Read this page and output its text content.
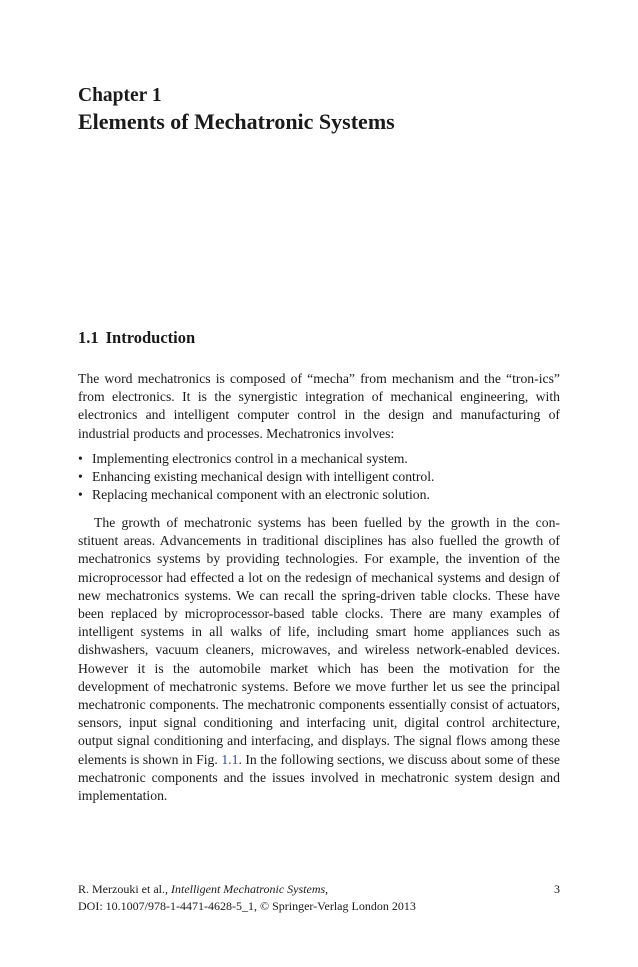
Chapter 1
Elements of Mechatronic Systems
1.1 Introduction
The word mechatronics is composed of “mecha” from mechanism and the “tron-ics” from electronics. It is the synergistic integration of mechanical engineering, with electronics and intelligent computer control in the design and manufacturing of industrial products and processes. Mechatronics involves:
• Implementing electronics control in a mechanical system.
• Enhancing existing mechanical design with intelligent control.
• Replacing mechanical component with an electronic solution.
The growth of mechatronic systems has been fuelled by the growth in the con-stituent areas. Advancements in traditional disciplines has also fuelled the growth of mechatronics systems by providing technologies. For example, the invention of the microprocessor had effected a lot on the redesign of mechanical systems and design of new mechatronics systems. We can recall the spring-driven table clocks. These have been replaced by microprocessor-based table clocks. There are many examples of intelligent systems in all walks of life, including smart home appliances such as dishwashers, vacuum cleaners, microwaves, and wireless network-enabled devices. However it is the automobile market which has been the motivation for the development of mechatronic systems. Before we move further let us see the principal mechatronic components. The mechatronic components essentially consist of actuators, sensors, input signal conditioning and interfacing unit, digital control architecture, output signal conditioning and interfacing, and displays. The signal flows among these elements is shown in Fig. 1.1. In the following sections, we discuss about some of these mechatronic components and the issues involved in mechatronic system design and implementation.
R. Merzouki et al., Intelligent Mechatronic Systems,
DOI: 10.1007/978-1-4471-4628-5_1, © Springer-Verlag London 2013
3
